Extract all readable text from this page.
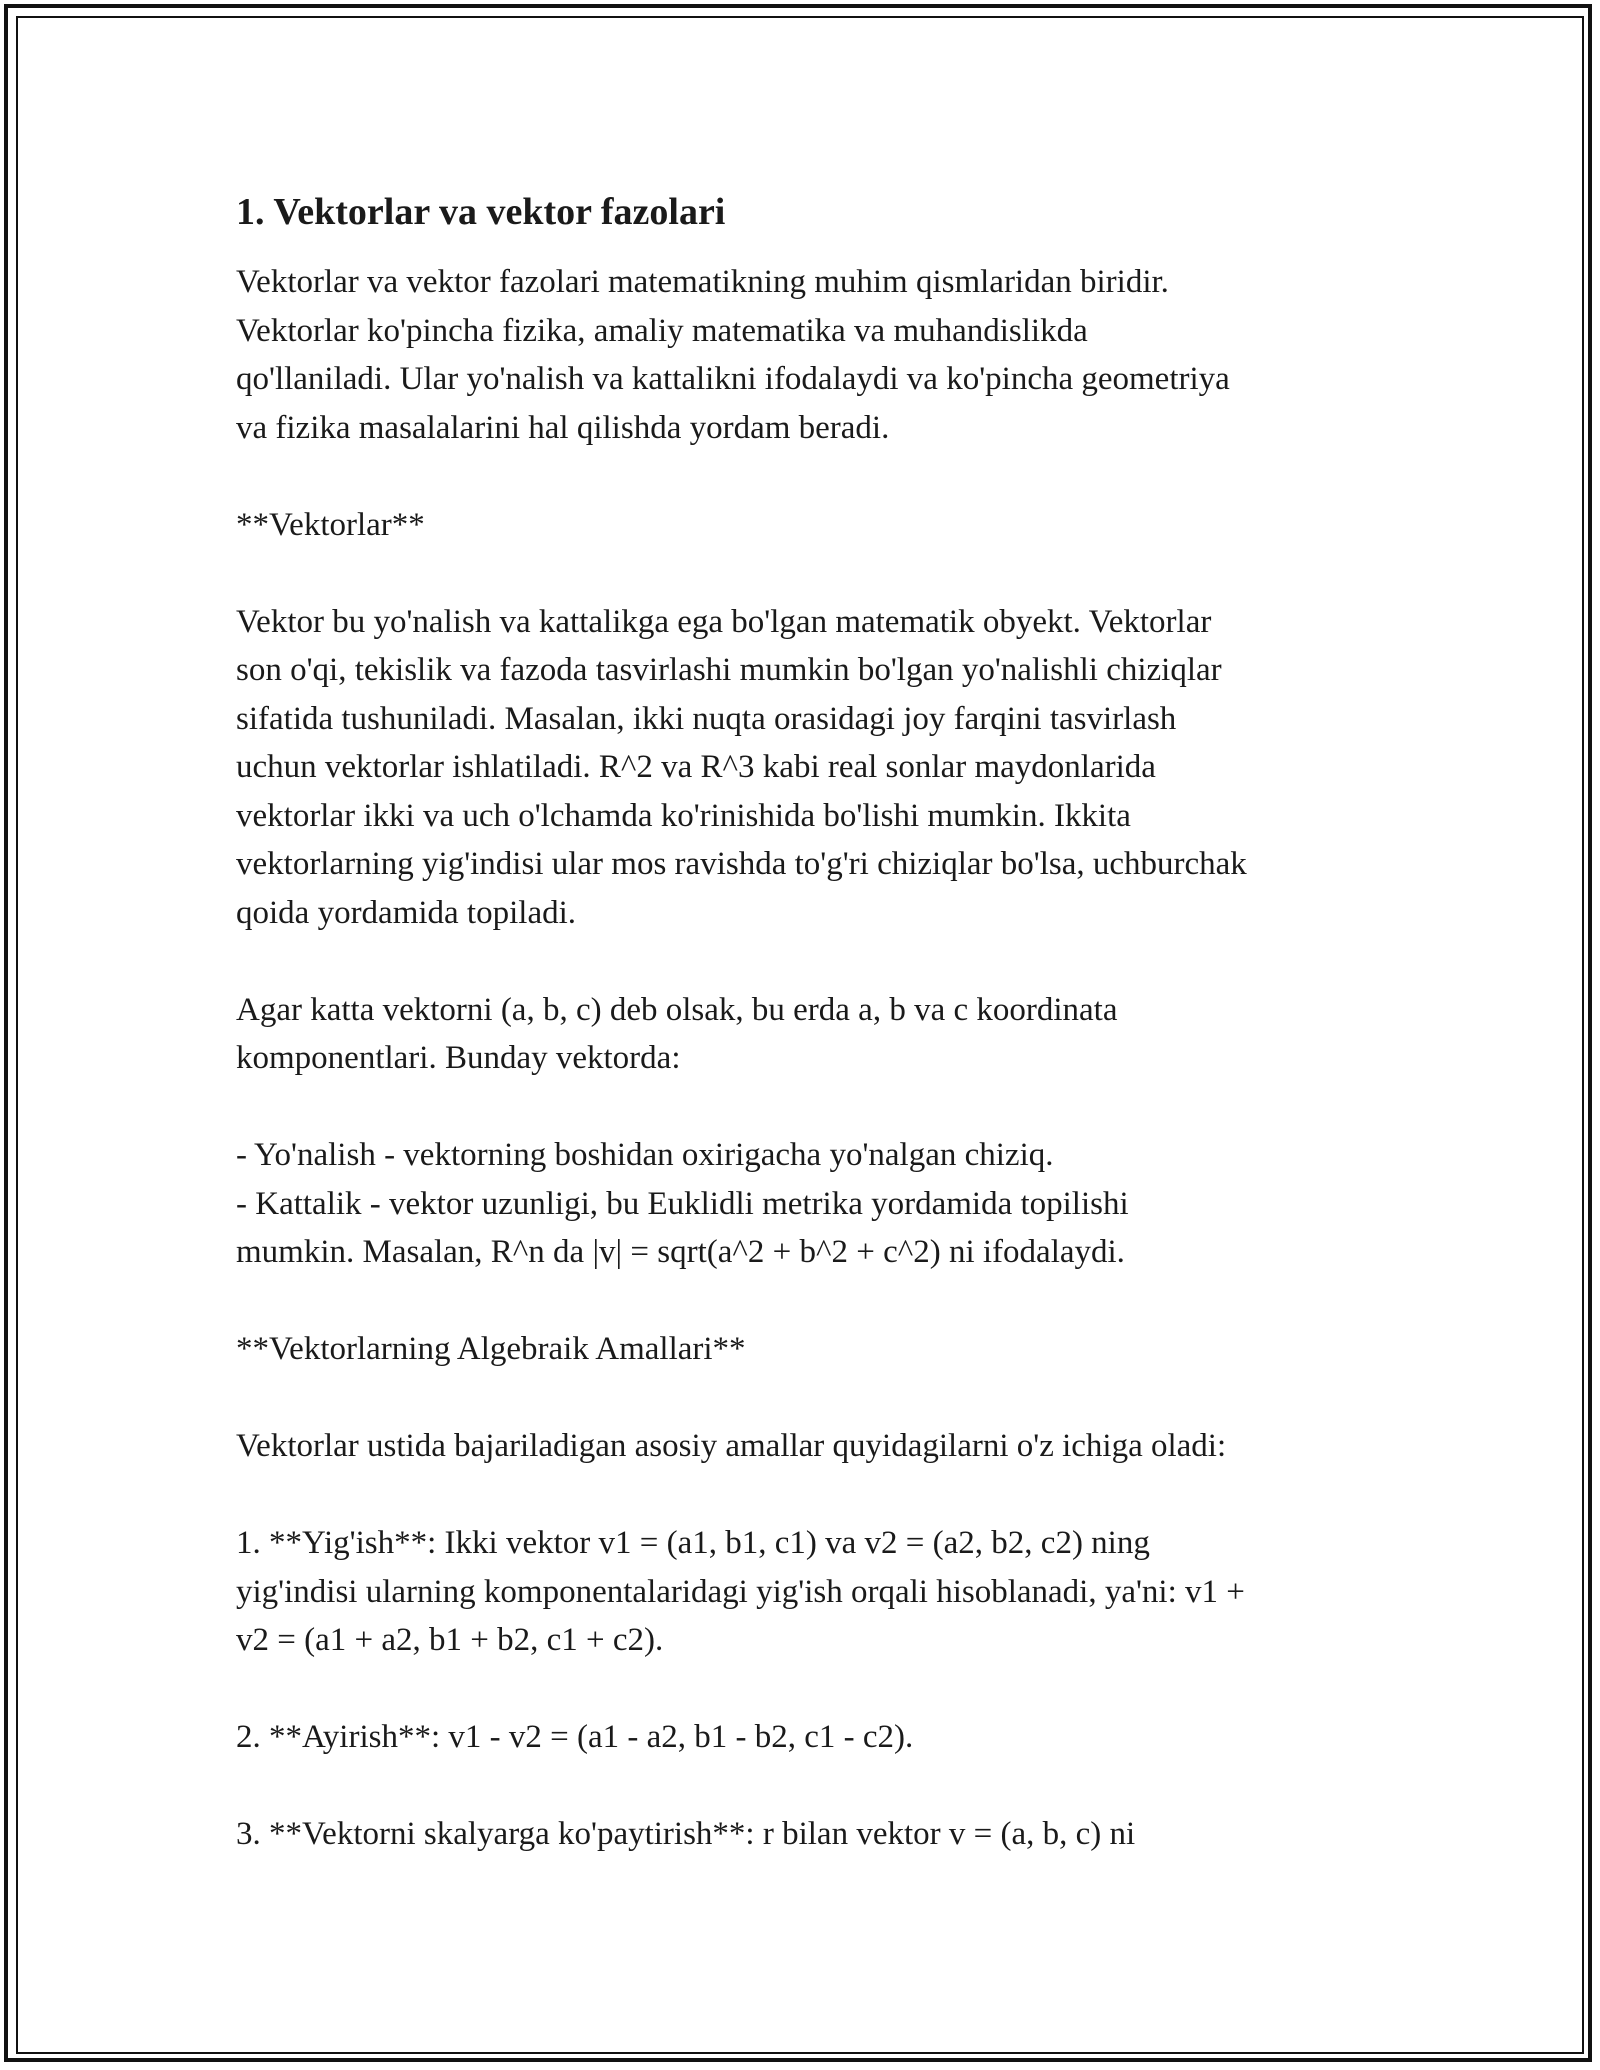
1. Vektorlar va vektor fazolari
Vektorlar va vektor fazolari matematikning muhim qismlaridan biridir.
Vektorlar ko'pincha fizika, amaliy matematika va muhandislikda
qo'llaniladi. Ular yo'nalish va kattalikni ifodalaydi va ko'pincha geometriya
va fizika masalalarini hal qilishda yordam beradi.
**Vektorlar**
Vektor bu yo'nalish va kattalikga ega bo'lgan matematik obyekt. Vektorlar
son o'qi, tekislik va fazoda tasvirlashi mumkin bo'lgan yo'nalishli chiziqlar
sifatida tushuniladi. Masalan, ikki nuqta orasidagi joy farqini tasvirlash
uchun vektorlar ishlatiladi. R^2 va R^3 kabi real sonlar maydonlarida
vektorlar ikki va uch o'lchamda ko'rinishida bo'lishi mumkin. Ikkita
vektorlarning yig'indisi ular mos ravishda to'g'ri chiziqlar bo'lsa, uchburchak
qoida yordamida topiladi.
Agar katta vektorni (a, b, c) deb olsak, bu erda a, b va c koordinata
komponentlari. Bunday vektorda:
- Yo'nalish - vektorning boshidan oxirigacha yo'nalgan chiziq.
- Kattalik - vektor uzunligi, bu Euklidli metrika yordamida topilishi
mumkin. Masalan, R^n da |v| = sqrt(a^2 + b^2 + c^2) ni ifodalaydi.
**Vektorlarning Algebraik Amallari**
Vektorlar ustida bajariladigan asosiy amallar quyidagilarni o'z ichiga oladi:
1. **Yig'ish**: Ikki vektor v1 = (a1, b1, c1) va v2 = (a2, b2, c2) ning
yig'indisi ularning komponentalaridagi yig'ish orqali hisoblanadi, ya'ni: v1 +
v2 = (a1 + a2, b1 + b2, c1 + c2).
2. **Ayirish**: v1 - v2 = (a1 - a2, b1 - b2, c1 - c2).
3. **Vektorni skalyarga ko'paytirish**: r bilan vektor v = (a, b, c) ni
